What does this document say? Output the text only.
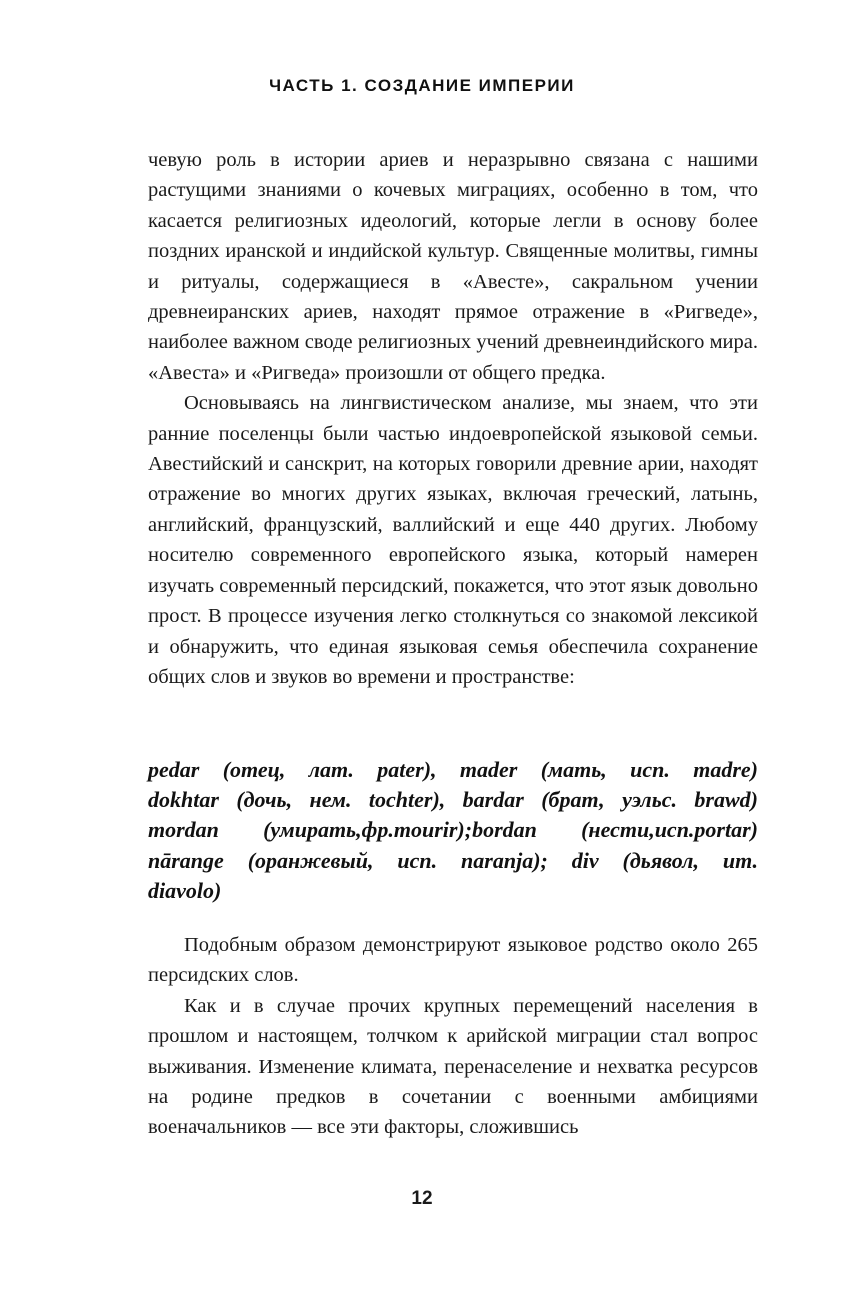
ЧАСТЬ 1. СОЗДАНИЕ ИМПЕРИИ

чевую роль в истории ариев и неразрывно связана с нашими растущими знаниями о кочевых миграциях, особенно в том, что касается религиозных идеологий, которые легли в основу более поздних иранской и индийской культур. Священные молитвы, гимны и ритуалы, содержащиеся в «Авесте», сакральном учении древнеиранских ариев, находят прямое отражение в «Ригведе», наиболее важном своде религиозных учений древнеиндийского мира. «Авеста» и «Ригведа» произошли от общего предка.

Основываясь на лингвистическом анализе, мы знаем, что эти ранние поселенцы были частью индоевропейской языковой семьи. Авестийский и санскрит, на которых говорили древние арии, находят отражение во многих других языках, включая греческий, латынь, английский, французский, валлийский и еще 440 других. Любому носителю современного европейского языка, который намерен изучать современный персидский, покажется, что этот язык довольно прост. В процессе изучения легко столкнуться со знакомой лексикой и обнаружить, что единая языковая семья обеспечила сохранение общих слов и звуков во времени и пространстве:

pedar (отец, лат. pater), mader (мать, исп. madre)
dokhtar (дочь, нем. tochter), bardar (брат, уэльс. brawd)
mordan (умирать,фр.mourir);bordan (нести,исп.portar)
nārange (оранжевый, исп. naranja); div (дьявол, ит.
diavolo)

Подобным образом демонстрируют языковое родство около 265 персидских слов.

Как и в случае прочих крупных перемещений населения в прошлом и настоящем, толчком к арийской миграции стал вопрос выживания. Изменение климата, перенаселение и нехватка ресурсов на родине предков в сочетании с военными амбициями военачальников — все эти факторы, сложившись

12
